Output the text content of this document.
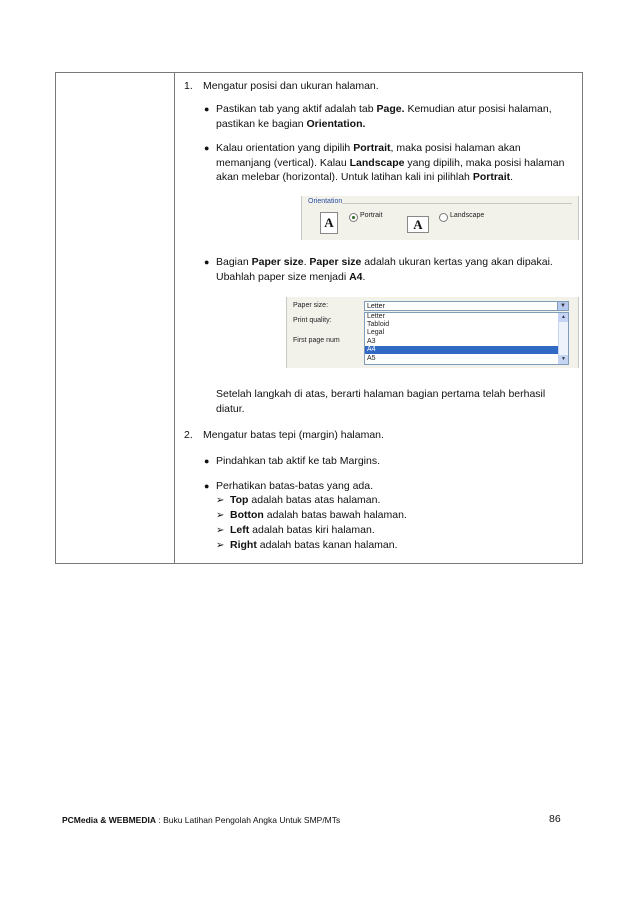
1. Mengatur posisi dan ukuran halaman.
● Pastikan tab yang aktif adalah tab Page. Kemudian atur posisi halaman,
pastikan ke bagian Orientation.
● Kalau orientation yang dipilih Portrait, maka posisi halaman akan
memanjang (vertical). Kalau Landscape yang dipilih, maka posisi halaman
akan melebar (horizontal). Untuk latihan kali ini pilihlah Portrait.
Orientation
A	Portrait
A
Landscape
● Bagian Paper size. Paper size adalah ukuran kertas yang akan dipakai.
Ubahlah paper size menjadi A4.
Paper size:
Print quality:
First page num
Letter	▼
Letter
Tabloid
Legal
A3
A4
A5
▲
▼
Setelah langkah di atas, berarti halaman bagian pertama telah berhasil
diatur.
2. Mengatur batas tepi (margin) halaman.
● Pindahkan tab aktif ke tab Margins.
● Perhatikan batas-batas yang ada.
➢ Top adalah batas atas halaman.
➢ Botton adalah batas bawah halaman.
➢ Left adalah batas kiri halaman.
➢ Right adalah batas kanan halaman.
PCMedia & WEBMEDIA : Buku Latihan Pengolah Angka Untuk SMP/MTs	86
